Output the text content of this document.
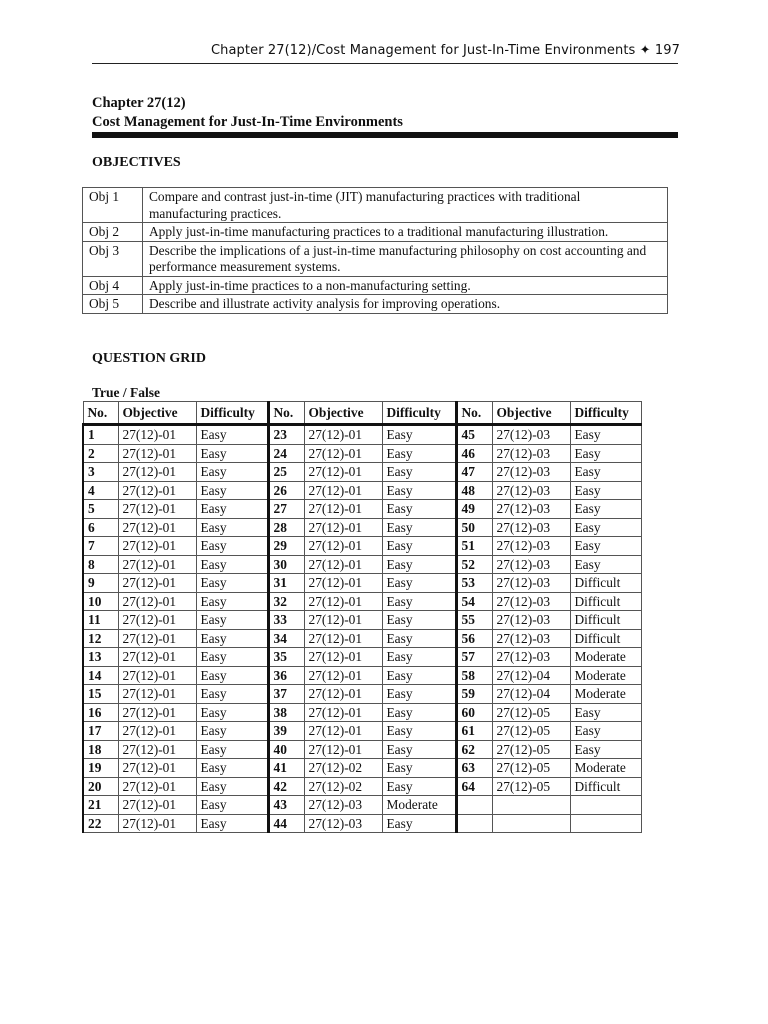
Chapter 27(12)/Cost Management for Just-In-Time Environments ✦ 197
Chapter 27(12)
Cost Management for Just-In-Time Environments
OBJECTIVES
Obj 1	Compare and contrast just-in-time (JIT) manufacturing practices with traditional manufacturing practices.
Obj 2	Apply just-in-time manufacturing practices to a traditional manufacturing illustration.
Obj 3	Describe the implications of a just-in-time manufacturing philosophy on cost accounting and performance measurement systems.
Obj 4	Apply just-in-time practices to a non-manufacturing setting.
Obj 5	Describe and illustrate activity analysis for improving operations.
QUESTION GRID
True / False
No.	Objective	Difficulty	No.	Objective	Difficulty	No.	Objective	Difficulty
1	27(12)-01	Easy	23	27(12)-01	Easy	45	27(12)-03	Easy
2	27(12)-01	Easy	24	27(12)-01	Easy	46	27(12)-03	Easy
3	27(12)-01	Easy	25	27(12)-01	Easy	47	27(12)-03	Easy
4	27(12)-01	Easy	26	27(12)-01	Easy	48	27(12)-03	Easy
5	27(12)-01	Easy	27	27(12)-01	Easy	49	27(12)-03	Easy
6	27(12)-01	Easy	28	27(12)-01	Easy	50	27(12)-03	Easy
7	27(12)-01	Easy	29	27(12)-01	Easy	51	27(12)-03	Easy
8	27(12)-01	Easy	30	27(12)-01	Easy	52	27(12)-03	Easy
9	27(12)-01	Easy	31	27(12)-01	Easy	53	27(12)-03	Difficult
10	27(12)-01	Easy	32	27(12)-01	Easy	54	27(12)-03	Difficult
11	27(12)-01	Easy	33	27(12)-01	Easy	55	27(12)-03	Difficult
12	27(12)-01	Easy	34	27(12)-01	Easy	56	27(12)-03	Difficult
13	27(12)-01	Easy	35	27(12)-01	Easy	57	27(12)-03	Moderate
14	27(12)-01	Easy	36	27(12)-01	Easy	58	27(12)-04	Moderate
15	27(12)-01	Easy	37	27(12)-01	Easy	59	27(12)-04	Moderate
16	27(12)-01	Easy	38	27(12)-01	Easy	60	27(12)-05	Easy
17	27(12)-01	Easy	39	27(12)-01	Easy	61	27(12)-05	Easy
18	27(12)-01	Easy	40	27(12)-01	Easy	62	27(12)-05	Easy
19	27(12)-01	Easy	41	27(12)-02	Easy	63	27(12)-05	Moderate
20	27(12)-01	Easy	42	27(12)-02	Easy	64	27(12)-05	Difficult
21	27(12)-01	Easy	43	27(12)-03	Moderate			
22	27(12)-01	Easy	44	27(12)-03	Easy			
